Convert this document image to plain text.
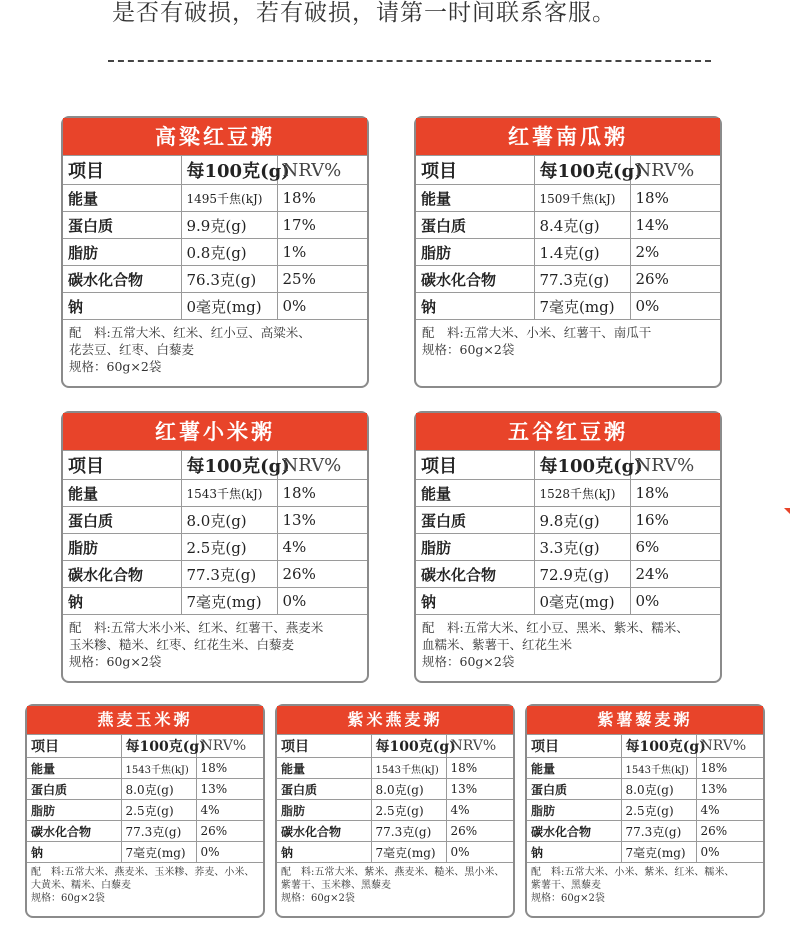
是否有破损，若有破损，请第一时间联系客服。
高粱红豆粥
项目	每100克(g)	NRV%
能量	1495千焦(kJ)	18%
蛋白质	9.9克(g)	17%
脂肪	0.8克(g)	1%
碳水化合物	76.3克(g)	25%
钠	0毫克(mg)	0%
配　料:五常大米、红米、红小豆、高粱米、
花芸豆、红枣、白藜麦
规格：60g×2袋
红薯南瓜粥
项目	每100克(g)	NRV%
能量	1509千焦(kJ)	18%
蛋白质	8.4克(g)	14%
脂肪	1.4克(g)	2%
碳水化合物	77.3克(g)	26%
钠	7毫克(mg)	0%
配　料:五常大米、小米、红薯干、南瓜干
规格：60g×2袋
红薯小米粥
项目	每100克(g)	NRV%
能量	1543千焦(kJ)	18%
蛋白质	8.0克(g)	13%
脂肪	2.5克(g)	4%
碳水化合物	77.3克(g)	26%
钠	7毫克(mg)	0%
配　料:五常大米小米、红米、红薯干、燕麦米
玉米糁、糙米、红枣、红花生米、白藜麦
规格：60g×2袋
五谷红豆粥
项目	每100克(g)	NRV%
能量	1528千焦(kJ)	18%
蛋白质	9.8克(g)	16%
脂肪	3.3克(g)	6%
碳水化合物	72.9克(g)	24%
钠	0毫克(mg)	0%
配　料:五常大米、红小豆、黑米、紫米、糯米、
血糯米、紫薯干、红花生米
规格：60g×2袋
燕麦玉米粥
项目	每100克(g)	NRV%
能量	1543千焦(kJ)	18%
蛋白质	8.0克(g)	13%
脂肪	2.5克(g)	4%
碳水化合物	77.3克(g)	26%
钠	7毫克(mg)	0%
配　料:五常大米、燕麦米、玉米糁、荞麦、小米、
大黄米、糯米、白藜麦
规格：60g×2袋
紫米燕麦粥
项目	每100克(g)	NRV%
能量	1543千焦(kJ)	18%
蛋白质	8.0克(g)	13%
脂肪	2.5克(g)	4%
碳水化合物	77.3克(g)	26%
钠	7毫克(mg)	0%
配　料:五常大米、紫米、燕麦米、糙米、黑小米、
紫薯干、玉米糁、黑藜麦
规格：60g×2袋
紫薯藜麦粥
项目	每100克(g)	NRV%
能量	1543千焦(kJ)	18%
蛋白质	8.0克(g)	13%
脂肪	2.5克(g)	4%
碳水化合物	77.3克(g)	26%
钠	7毫克(mg)	0%
配　料:五常大米、小米、紫米、红米、糯米、
紫薯干、黑藜麦
规格：60g×2袋
